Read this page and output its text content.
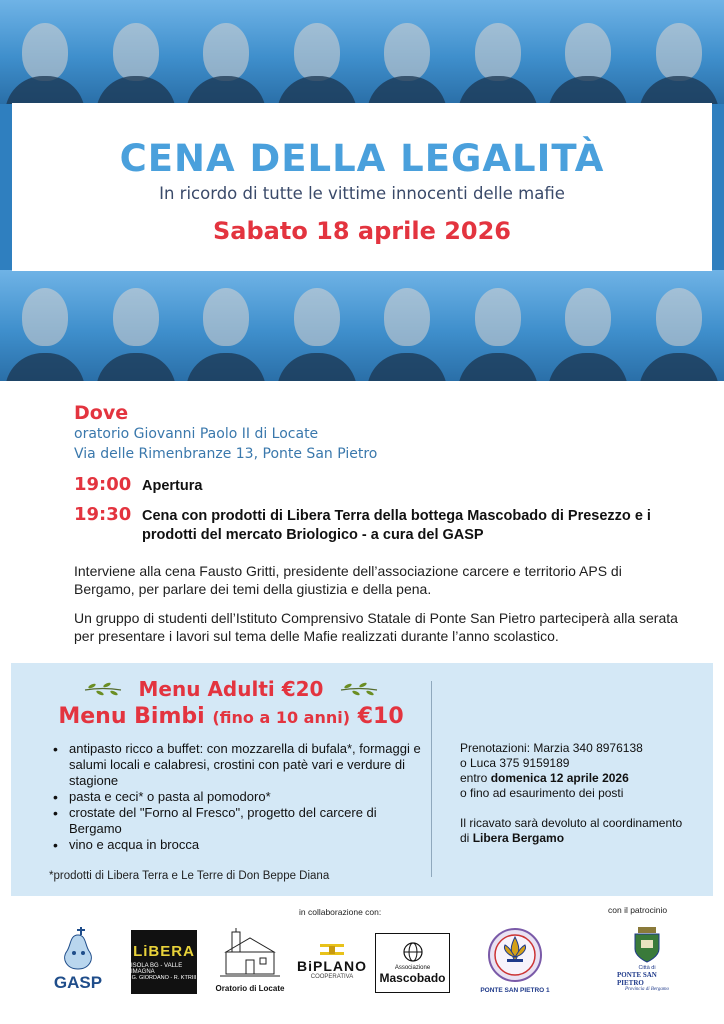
CENA DELLA LEGALITÀ
In ricordo di tutte le vittime innocenti delle mafie
Sabato 18 aprile 2026
Dove
oratorio Giovanni Paolo II di Locate
Via delle Rimenbranze 13, Ponte San Pietro
19:00 Apertura
19:30 Cena con prodotti di Libera Terra della bottega Mascobado di Presezzo e i prodotti del mercato Briologico - a cura del GASP
Interviene alla cena Fausto Gritti, presidente dell’associazione carcere e territorio APS di Bergamo, per parlare dei temi della giustizia e della pena.
Un gruppo di studenti dell’Istituto Comprensivo Statale di Ponte San Pietro parteciperà alla serata per presentare i lavori sul tema delle Mafie realizzati durante l’anno scolastico.
Menu Adulti €20
Menu Bimbi (fino a 10 anni) €10
• antipasto ricco a buffet: con mozzarella di bufala*, formaggi e salumi locali e calabresi, crostini con patè vari e verdure di stagione
• pasta e ceci* o pasta al pomodoro*
• crostate del "Forno al Fresco", progetto del carcere di Bergamo
• vino e acqua in brocca
*prodotti di Libera Terra e Le Terre di Don Beppe Diana
Prenotazioni: Marzia 340 8976138
o Luca 375 9159189
entro domenica 12 aprile 2026
o fino ad esaurimento dei posti
Il ricavato sarà devoluto al coordinamento
di Libera Bergamo
in collaborazione con:	con il patrocinio
GASP
LiBERA
ISOLA BG - VALLE IMAGNA
G. GIORDANO - R. KTRIII
Oratorio di Locate
BiPLANO
COOPERATIVA
Associazione
Mascobado
PONTE SAN PIETRO 1
Città di
PONTE SAN PIETRO
Provincia di Bergamo
